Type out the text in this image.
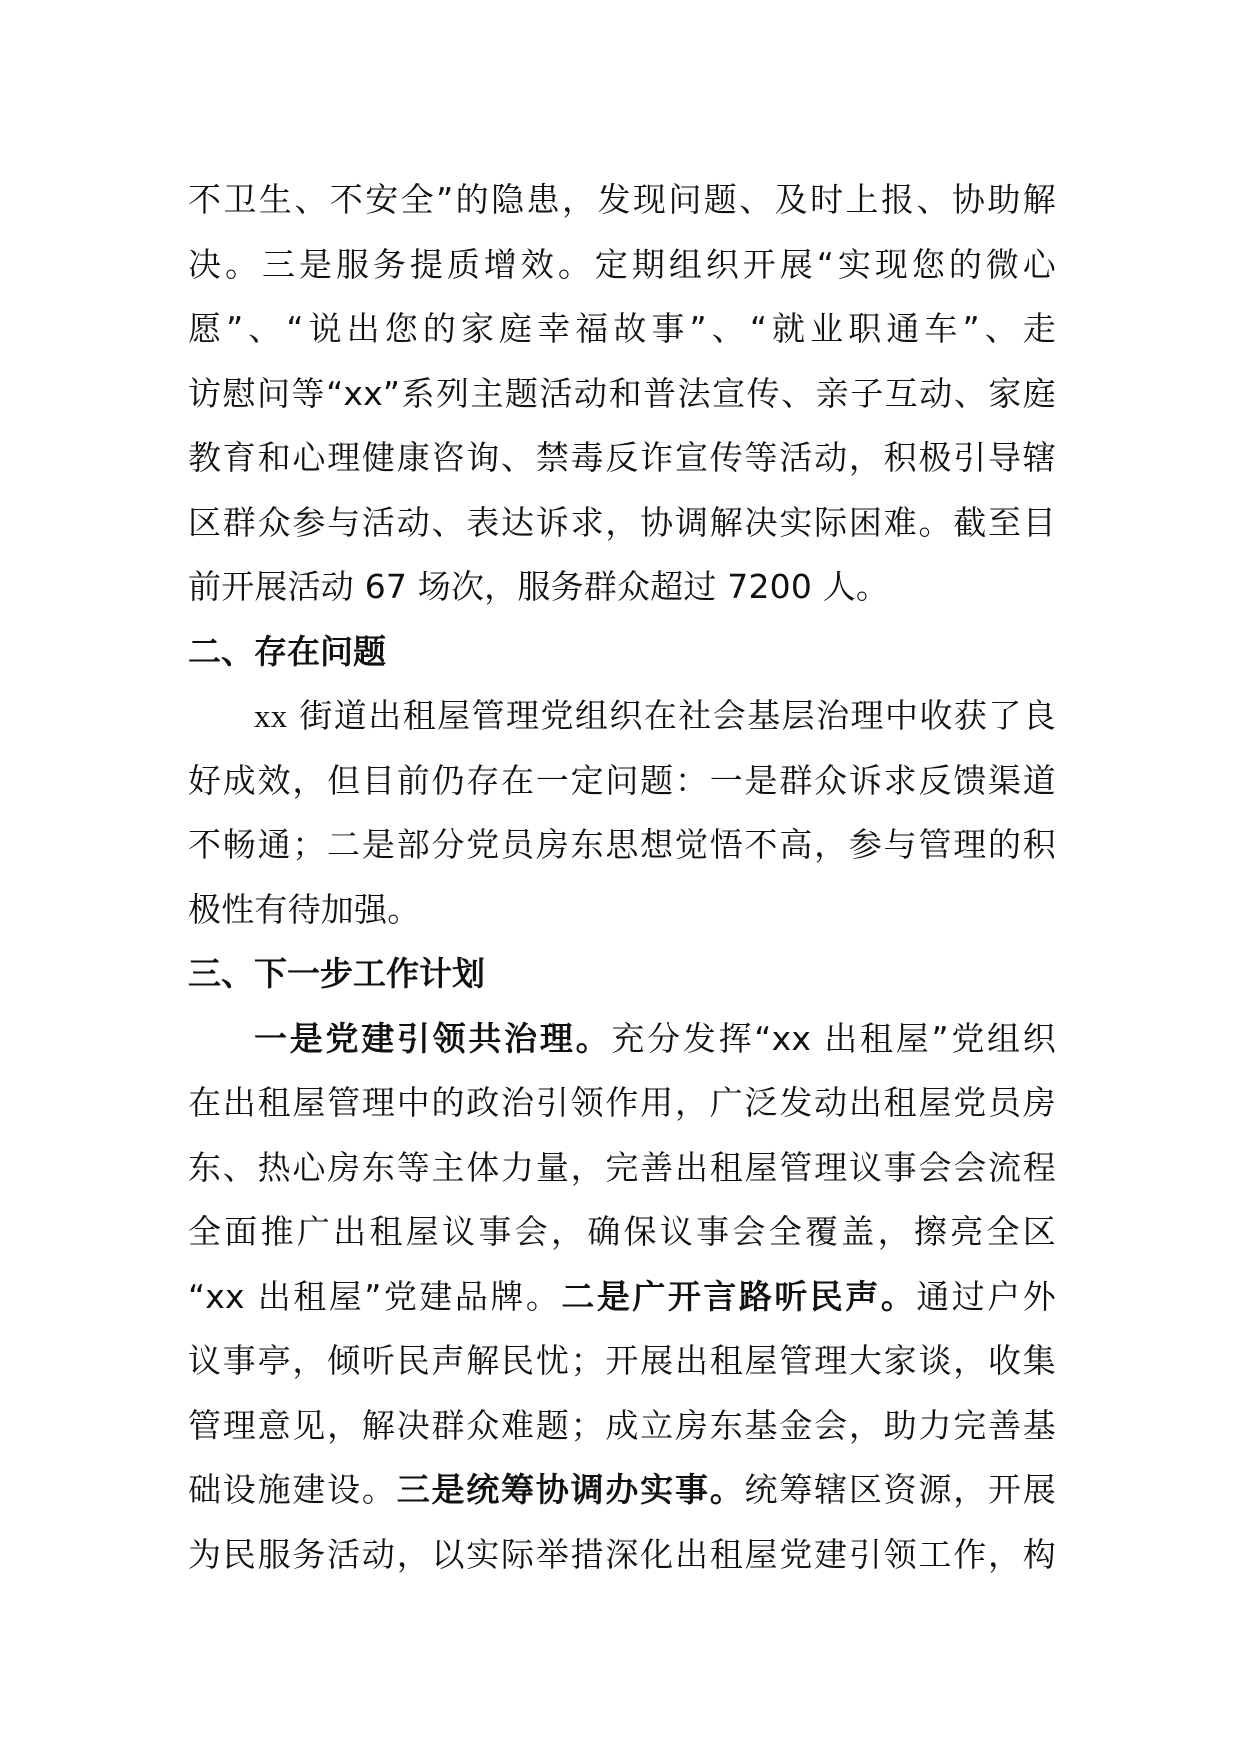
不卫生、不安全”的隐患，发现问题、及时上报、协助解
决。三是服务提质增效。定期组织开展“实现您的微心
愿”、“说出您的家庭幸福故事”、“就业职通车”、走
访慰问等“xx”系列主题活动和普法宣传、亲子互动、家庭
教育和心理健康咨询、禁毒反诈宣传等活动，积极引导辖
区群众参与活动、表达诉求，协调解决实际困难。截至目
前开展活动 67 场次，服务群众超过 7200 人。
二、存在问题
xx 街道出租屋管理党组织在社会基层治理中收获了良
好成效，但目前仍存在一定问题：一是群众诉求反馈渠道
不畅通；二是部分党员房东思想觉悟不高，参与管理的积
极性有待加强。
三、下一步工作计划
一是党建引领共治理。充分发挥“xx 出租屋”党组织
在出租屋管理中的政治引领作用，广泛发动出租屋党员房
东、热心房东等主体力量，完善出租屋管理议事会会流程
全面推广出租屋议事会，确保议事会全覆盖，擦亮全区
“xx 出租屋”党建品牌。二是广开言路听民声。通过户外
议事亭，倾听民声解民忧；开展出租屋管理大家谈，收集
管理意见，解决群众难题；成立房东基金会，助力完善基
础设施建设。三是统筹协调办实事。统筹辖区资源，开展
为民服务活动，以实际举措深化出租屋党建引领工作，构
